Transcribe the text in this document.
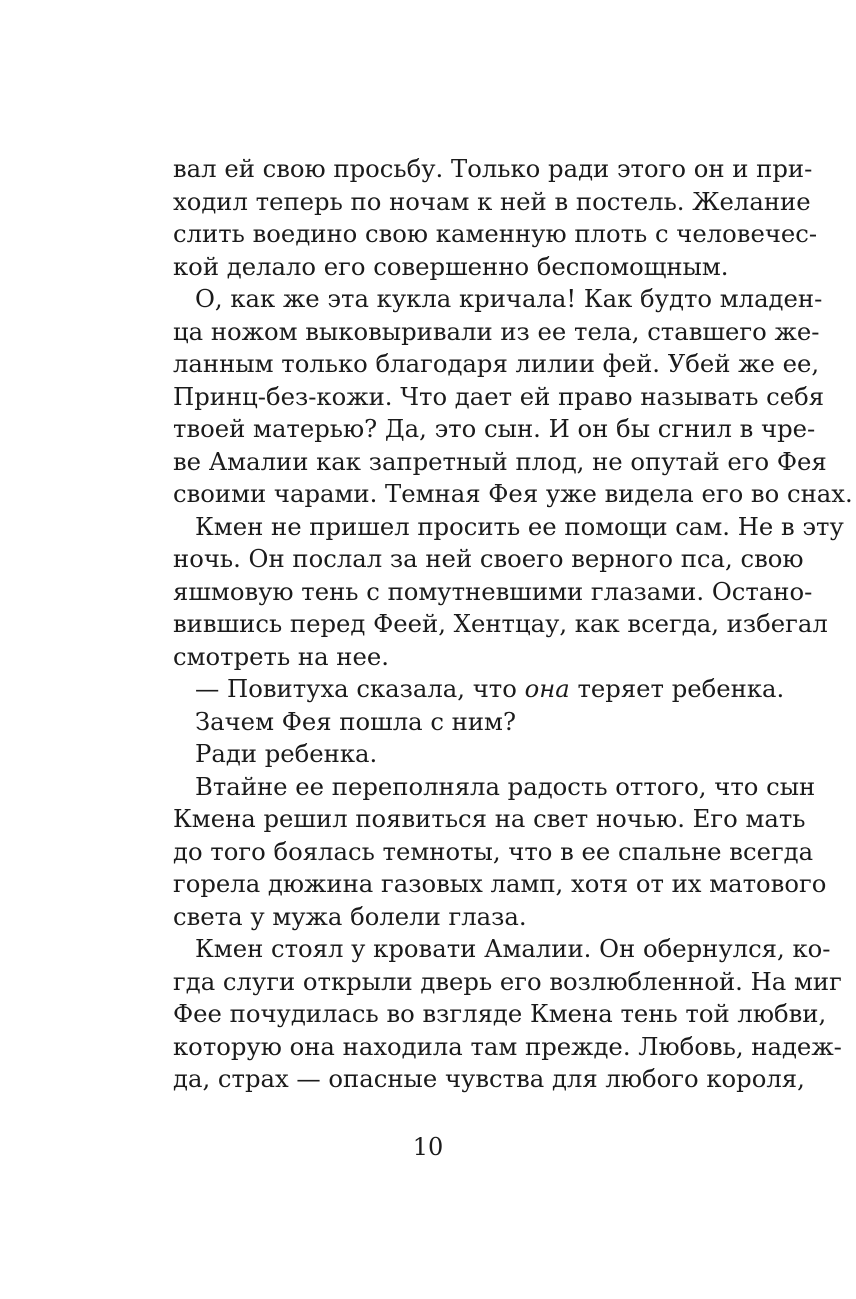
вал ей свою просьбу. Только ради этого он и при-
ходил теперь по ночам к ней в постель. Желание
слить воедино свою каменную плоть с человечес-
кой делало его совершенно беспомощным.
О, как же эта кукла кричала! Как будто младен-
ца ножом выковыривали из ее тела, ставшего же-
ланным только благодаря лилии фей. Убей же ее,
Принц-без-кожи. Что дает ей право называть себя
твоей матерью? Да, это сын. И он бы сгнил в чре-
ве Амалии как запретный плод, не опутай его Фея
своими чарами. Темная Фея уже видела его во снах.
Кмен не пришел просить ее помощи сам. Не в эту
ночь. Он послал за ней своего верного пса, свою
яшмовую тень с помутневшими глазами. Остано-
вившись перед Феей, Хентцау, как всегда, избегал
смотреть на нее.
— Повитуха сказала, что она теряет ребенка.
Зачем Фея пошла с ним?
Ради ребенка.
Втайне ее переполняла радость оттого, что сын
Кмена решил появиться на свет ночью. Его мать
до того боялась темноты, что в ее спальне всегда
горела дюжина газовых ламп, хотя от их матового
света у мужа болели глаза.
Кмен стоял у кровати Амалии. Он обернулся, ко-
гда слуги открыли дверь его возлюбленной. На миг
Фее почудилась во взгляде Кмена тень той любви,
которую она находила там прежде. Любовь, надеж-
да, страх — опасные чувства для любого короля,
10
